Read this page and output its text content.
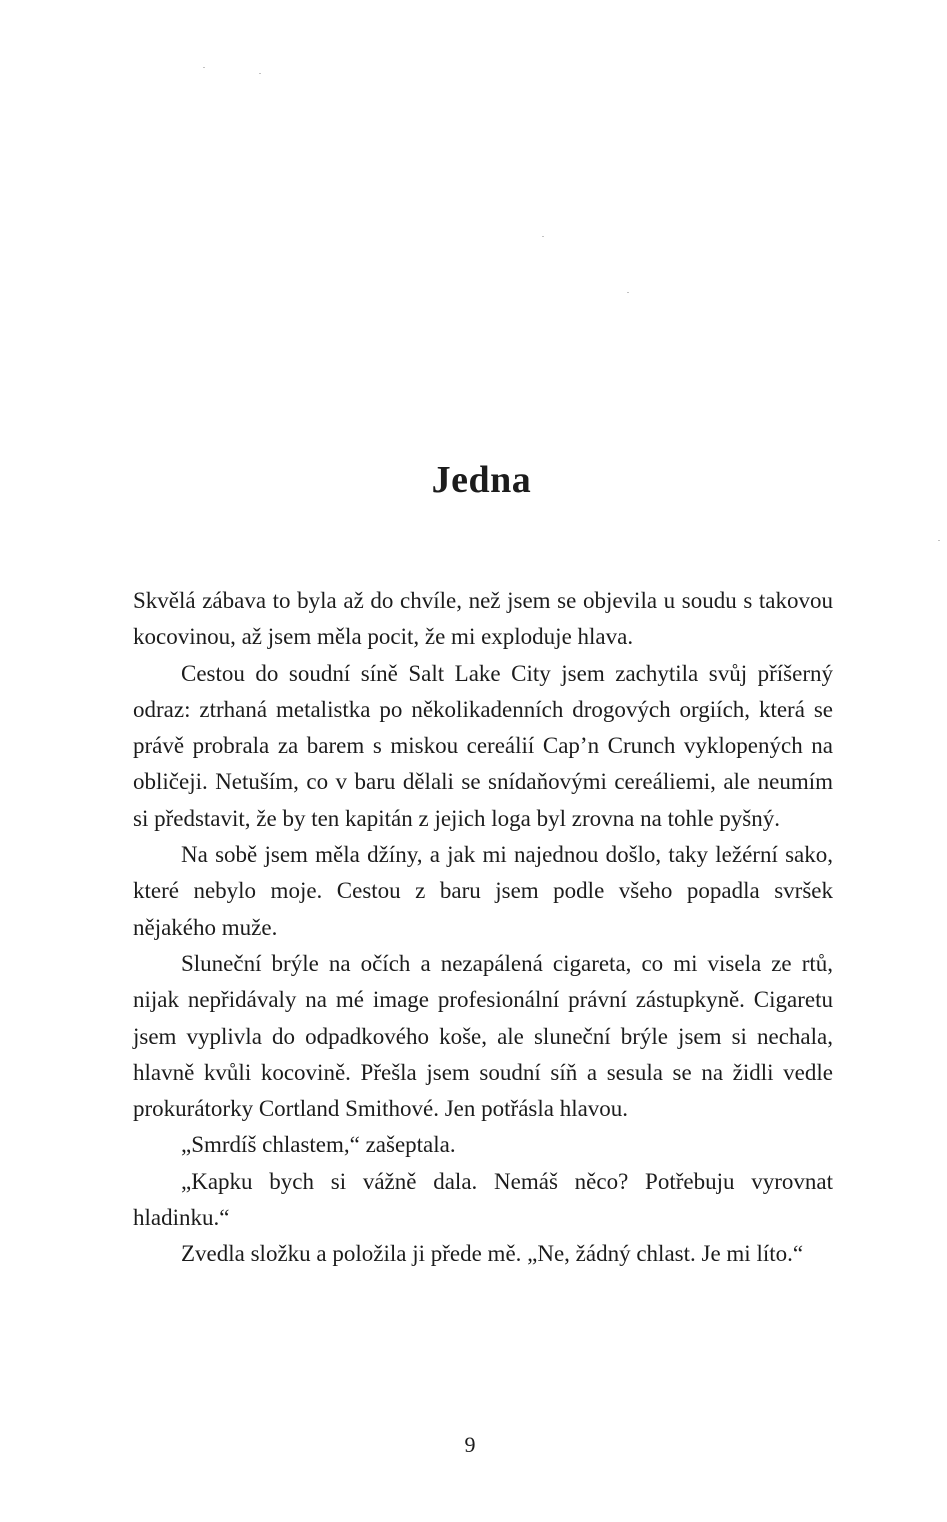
Jedna

Skvělá zábava to byla až do chvíle, než jsem se objevila u soudu s takovou kocovinou, až jsem měla pocit, že mi exploduje hlava.

Cestou do soudní síně Salt Lake City jsem zachytila svůj příšerný odraz: ztrhaná metalistka po několikadenních drogových orgiích, která se právě probrala za barem s miskou cereálií Cap’n Crunch vyklopených na obličeji. Netuším, co v baru dělali se snídaňovými cereáliemi, ale neumím si představit, že by ten kapitán z jejich loga byl zrovna na tohle pyšný.

Na sobě jsem měla džíny, a jak mi najednou došlo, taky ležérní sako, které nebylo moje. Cestou z baru jsem podle všeho popadla svršek nějakého muže.

Sluneční brýle na očích a nezapálená cigareta, co mi visela ze rtů, nijak nepřidávaly na mé image profesionální právní zástupkyně. Cigaretu jsem vyplivla do odpadkového koše, ale sluneční brýle jsem si nechala, hlavně kvůli kocovině. Přešla jsem soudní síň a sesula se na židli vedle prokurátorky Cortland Smithové. Jen potřásla hlavou.

„Smrdíš chlastem,“ zašeptala.

„Kapku bych si vážně dala. Nemáš něco? Potřebuju vyrovnat hladinku.“

Zvedla složku a položila ji přede mě. „Ne, žádný chlast. Je mi líto.“

9
